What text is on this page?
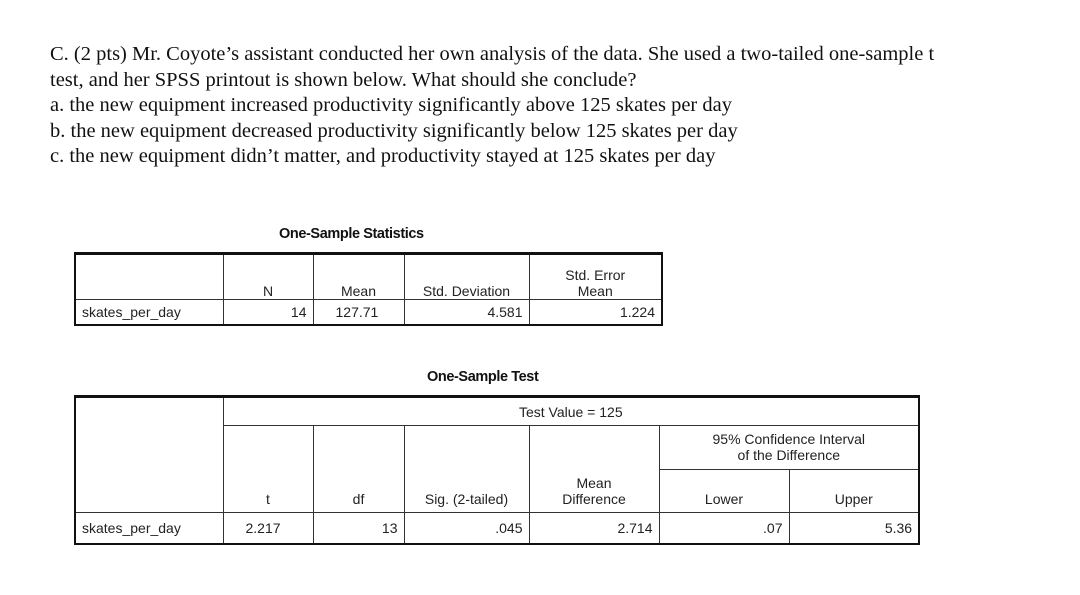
C. (2 pts) Mr. Coyote’s assistant conducted her own analysis of the data. She used a two-tailed one-sample t
test, and her SPSS printout is shown below. What should she conclude?
a. the new equipment increased productivity significantly above 125 skates per day
b. the new equipment decreased productivity significantly below 125 skates per day
c. the new equipment didn’t matter, and productivity stayed at 125 skates per day
One-Sample Statistics
	N	Mean	Std. Deviation	Std. Error Mean
skates_per_day	14	127.71	4.581	1.224
One-Sample Test
	Test Value = 125					
	t	df	Sig. (2-tailed)	Mean Difference	95% Confidence Interval of the Difference	
					Lower	Upper
skates_per_day	2.217	13	.045	2.714	.07	5.36
